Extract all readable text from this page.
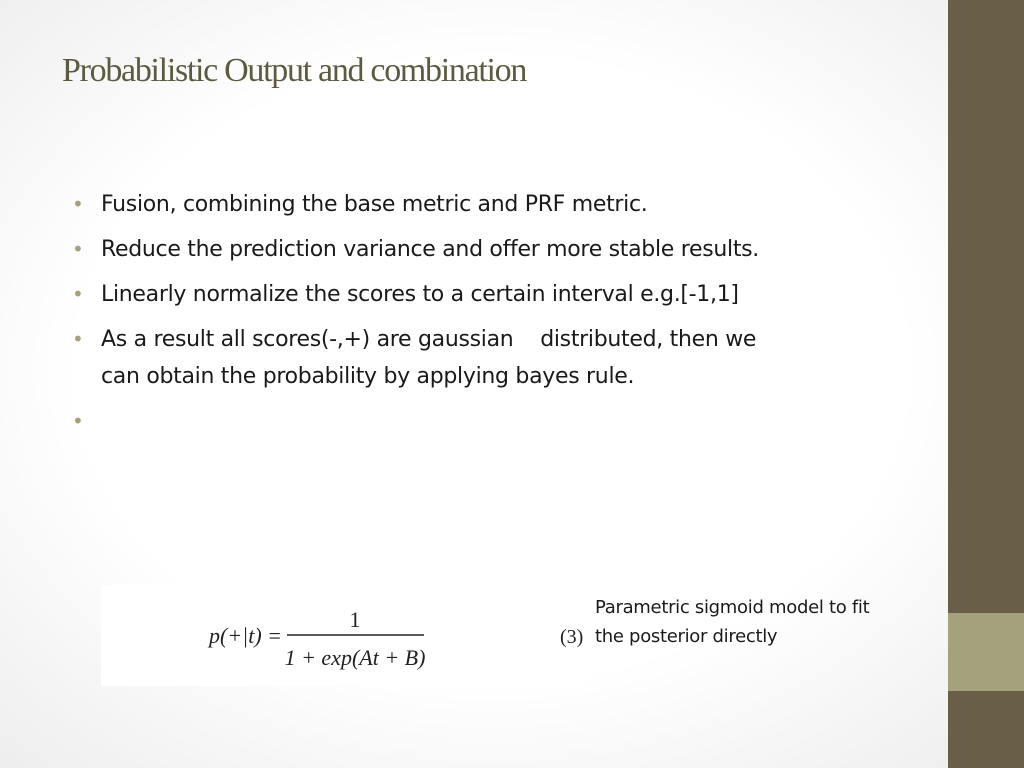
Probabilistic Output and combination
• Fusion, combining the base metric and PRF metric.
• Reduce the prediction variance and offer more stable results.
• Linearly normalize the scores to a certain interval e.g.[-1,1]
• As a result all scores(-,+) are gaussian    distributed, then we
can obtain the probability by applying bayes rule.
•
p(+|t) =
1
1 + exp(At + B)
(3)
Parametric sigmoid model to fit
the posterior directly
